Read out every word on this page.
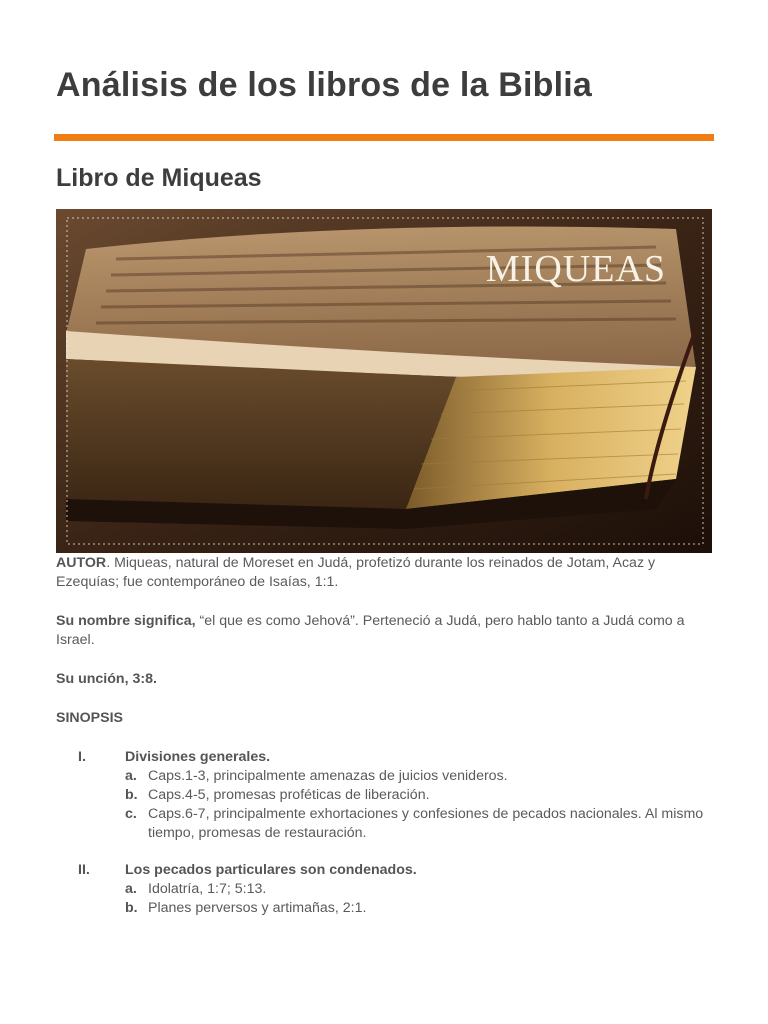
Análisis de los libros de la Biblia
Libro de Miqueas
MIQUEAS

AUTOR. Miqueas, natural de Moreset en Judá, profetizó durante los reinados de Jotam, Acaz y Ezequías; fue contemporáneo de Isaías, 1:1.

Su nombre significa, “el que es como Jehová”. Perteneció a Judá, pero hablo tanto a Judá como a Israel.

Su unción, 3:8.

SINOPSIS

I.	Divisiones generales.
a. Caps.1-3, principalmente amenazas de juicios venideros.
b. Caps.4-5, promesas proféticas de liberación.
c. Caps.6-7, principalmente exhortaciones y confesiones de pecados nacionales. Al mismo tiempo, promesas de restauración.
II. Los pecados particulares son condenados.
a. Idolatría, 1:7; 5:13.
b. Planes perversos y artimañas, 2:1.
